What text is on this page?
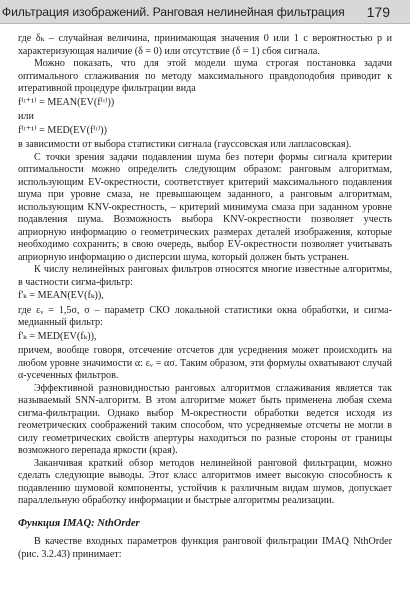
Фильтрация изображений. Ранговая нелинейная фильтрация 179

где δₖ – случайная величина, принимающая значения 0 или 1 с вероятностью p и характеризующая наличие (δ = 0) или отсутствие (δ = 1) сбоя сигнала.

Можно показать, что для этой модели шума строгая постановка задачи оптимального сглаживания по методу максимального правдоподобия приводит к итеративной процедуре фильтрации вида

f⁽ᵗ⁺¹⁾ = MEAN(EV(f⁽ᵗ⁾))

или

f⁽ᵗ⁺¹⁾ = MED(EV(f⁽ᵗ⁾))

в зависимости от выбора статистики сигнала (гауссовская или лапласовская).

С точки зрения задачи подавления шума без потери формы сигнала критерии оптимальности можно определить следующим образом: ранговым алгоритмам, использующим EV-окрестности, соответствует критерий максимального подавления шума при уровне смаза, не превышающем заданного, а ранговым алгоритмам, использующим KNV-окрестность, – критерий минимума смаза при заданном уровне подавления шума. Возможность выбора KNV-окрестности позволяет учесть априорную информацию о геометрических размерах деталей изображения, которые необходимо сохранить; в свою очередь, выбор EV-окрестности позволяет учитывать априорную информацию о дисперсии шума, который должен быть устранен.

К числу нелинейных ранговых фильтров относятся многие известные алгоритмы, в частности сигма-фильтр:

f'ₖ = MEAN(EV(fₖ)),

где εᵥ = 1,5σ, σ – параметр СКО локальной статистики окна обработки, и сигма-медианный фильтр:

f'ₖ = MED(EV(fₖ)),

причем, вообще говоря, отсечение отсчетов для усреднения может происходить на любом уровне значимости α: εᵥ = ασ. Таким образом, эти формулы охватывают случай α-усеченных фильтров.

Эффективной разновидностью ранговых алгоритмов сглаживания является так называемый SNN-алгоритм. В этом алгоритме может быть применена любая схема сигма-фильтрации. Однако выбор M-окрестности обработки ведется исходя из геометрических соображений таким способом, что усредняемые отсчеты не могли в силу геометрических свойств апертуры находиться по разные стороны от границы возможного перепада яркости (края).

Заканчивая краткий обзор методов нелинейной ранговой фильтрации, можно сделать следующие выводы. Этот класс алгоритмов имеет высокую способность к подавлению шумовой компоненты, устойчив к различным видам шумов, допускает параллельную обработку информации и быстрые алгоритмы реализации.

Функция IMAQ: NthOrder

В качестве входных параметров функция ранговой фильтрации IMAQ NthOrder (рис. 3.2.43) принимает:
